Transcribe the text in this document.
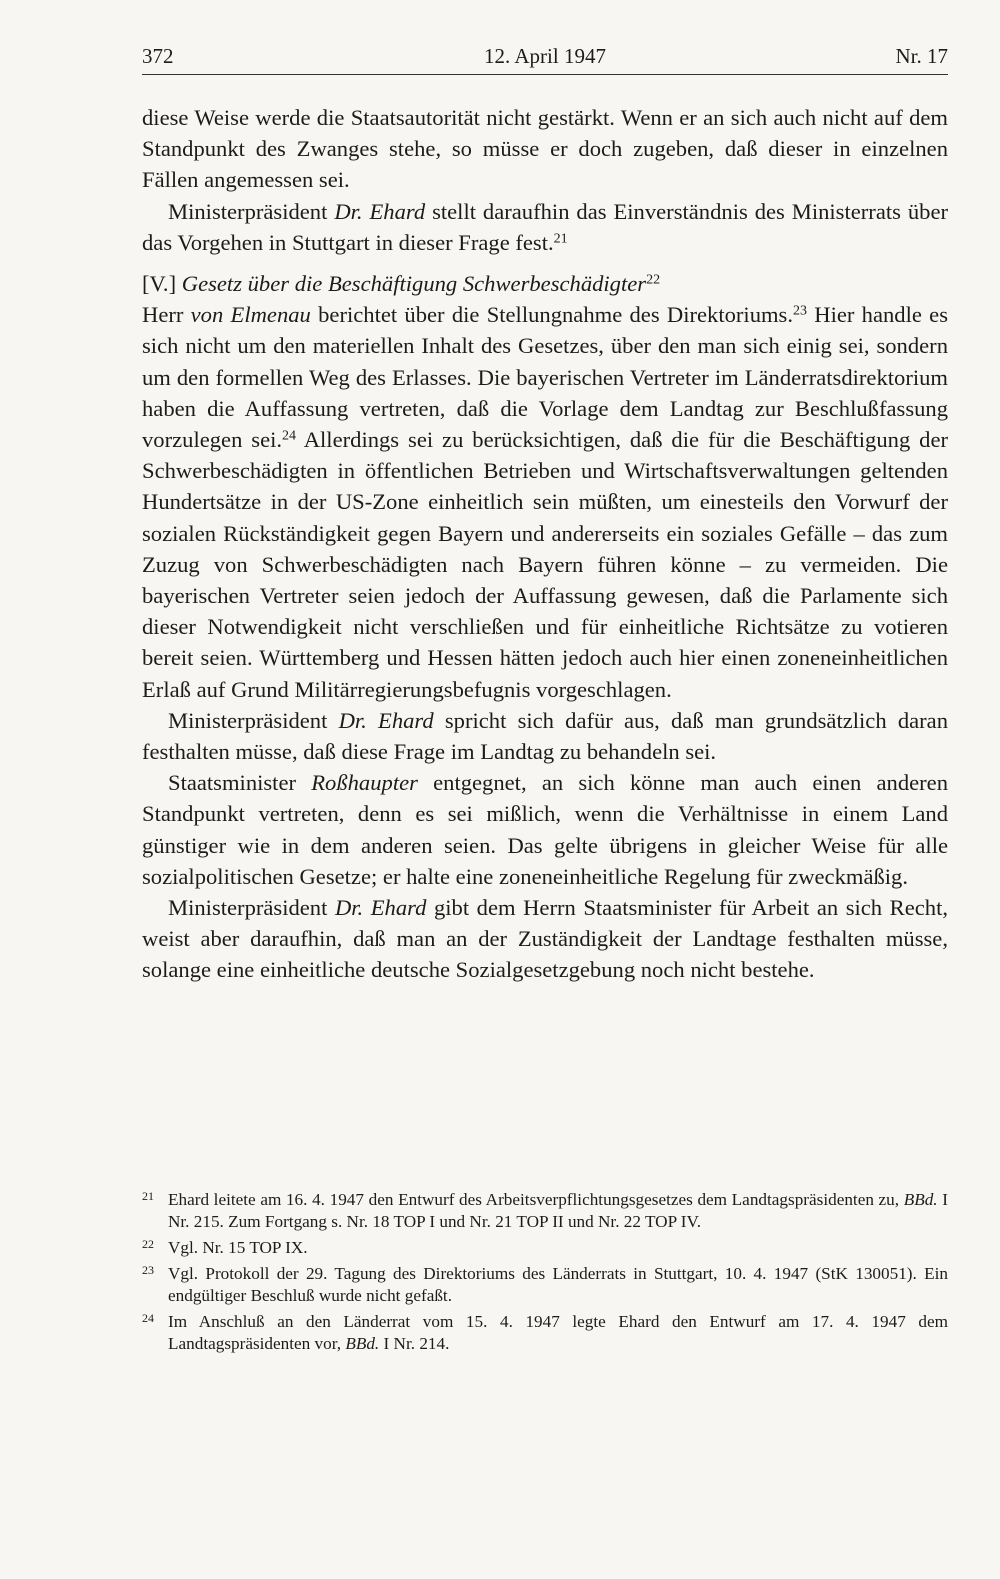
372	12. April 1947	Nr. 17

diese Weise werde die Staatsautorität nicht gestärkt. Wenn er an sich auch nicht auf dem Standpunkt des Zwanges stehe, so müsse er doch zugeben, daß dieser in einzelnen Fällen angemessen sei.

Ministerpräsident Dr. Ehard stellt daraufhin das Einverständnis des Ministerrats über das Vorgehen in Stuttgart in dieser Frage fest.$^{21}$

[V.] Gesetz über die Beschäftigung Schwerbeschädigter$^{22}$

Herr von Elmenau berichtet über die Stellungnahme des Direktoriums.$^{23}$ Hier handle es sich nicht um den materiellen Inhalt des Gesetzes, über den man sich einig sei, sondern um den formellen Weg des Erlasses. Die bayerischen Vertreter im Länderratsdirektorium haben die Auffassung vertreten, daß die Vorlage dem Landtag zur Beschlußfassung vorzulegen sei.$^{24}$ Allerdings sei zu berücksichtigen, daß die für die Beschäftigung der Schwerbeschädigten in öffentlichen Betrieben und Wirtschaftsverwaltungen geltenden Hundertsätze in der US-Zone einheitlich sein müßten, um einesteils den Vorwurf der sozialen Rückständigkeit gegen Bayern und andererseits ein soziales Gefälle – das zum Zuzug von Schwerbeschädigten nach Bayern führen könne – zu vermeiden. Die bayerischen Vertreter seien jedoch der Auffassung gewesen, daß die Parlamente sich dieser Notwendigkeit nicht verschließen und für einheitliche Richtsätze zu votieren bereit seien. Württemberg und Hessen hätten jedoch auch hier einen zoneneinheitlichen Erlaß auf Grund Militärregierungsbefugnis vorgeschlagen.

Ministerpräsident Dr. Ehard spricht sich dafür aus, daß man grundsätzlich daran festhalten müsse, daß diese Frage im Landtag zu behandeln sei.

Staatsminister Roßhaupter entgegnet, an sich könne man auch einen anderen Standpunkt vertreten, denn es sei mißlich, wenn die Verhältnisse in einem Land günstiger wie in dem anderen seien. Das gelte übrigens in gleicher Weise für alle sozialpolitischen Gesetze; er halte eine zoneneinheitliche Regelung für zweckmäßig.

Ministerpräsident Dr. Ehard gibt dem Herrn Staatsminister für Arbeit an sich Recht, weist aber daraufhin, daß man an der Zuständigkeit der Landtage festhalten müsse, solange eine einheitliche deutsche Sozialgesetzgebung noch nicht bestehe.

21 Ehard leitete am 16. 4. 1947 den Entwurf des Arbeitsverpflichtungsgesetzes dem Landtagspräsidenten zu, BBd. I Nr. 215. Zum Fortgang s. Nr. 18 TOP I und Nr. 21 TOP II und Nr. 22 TOP IV.
22 Vgl. Nr. 15 TOP IX.
23 Vgl. Protokoll der 29. Tagung des Direktoriums des Länderrats in Stuttgart, 10. 4. 1947 (StK 130051). Ein endgültiger Beschluß wurde nicht gefaßt.
24 Im Anschluß an den Länderrat vom 15. 4. 1947 legte Ehard den Entwurf am 17. 4. 1947 dem Landtagspräsidenten vor, BBd. I Nr. 214.
